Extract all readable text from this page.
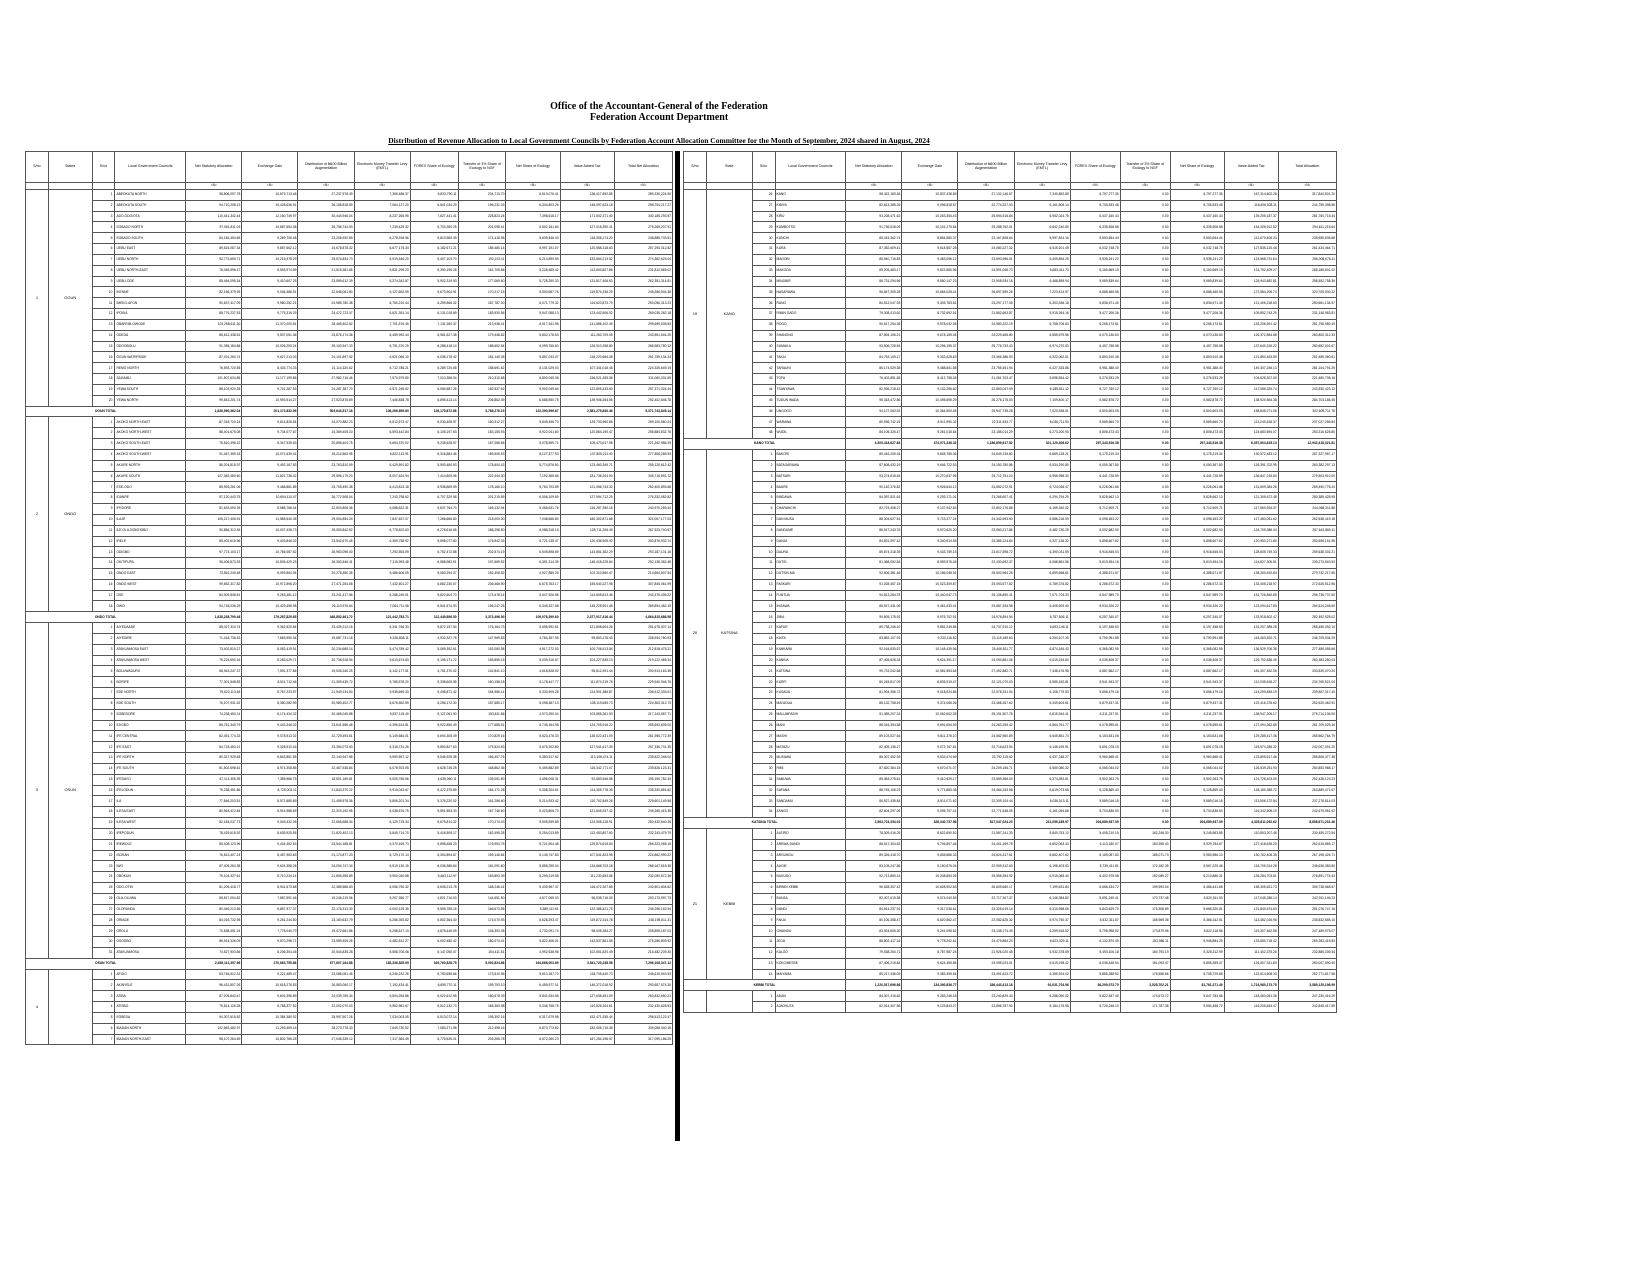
Office of the Accountant-General of the Federation
Federation Account Department
Distribution of Revenue Allocation to Local Government Councils by Federation Account Allocation Committee for the Month of September, 2024 shared in August, 2024
S/no	States	S/no	Local Government Councils	Net Statutory Allocation	Exchange Gain	Distribution of ₦100 Billion Augmentation	Electronic Money Transfer Levy (EMTL)	FOREX Share of Ecology	Transfer of 3% Share of Ecology to NGF	Net Share of Ecology	Value Added Tax	Total Net Allocation
				=N=	=N=	=N=	=N=	=N=	=N=	=N=	=N=	=N=
1	OGUN	1	ABEOKUTA NORTH	98,806,097.78	10,879,713.46	27,237,978.49	7,369,486.37	6,823,790.11	204,713.70	6,619,076.41	136,417,892.85	289,330,224.90
		2	ABEOKUTA SOUTH	94,710,208.13	10,428,636.91	26,108,818.59	7,064,127.20	6,541,034.29	196,231.03	6,344,803.26	148,097,623.18	298,754,217.27
		3	ADO-ODO/OTA	110,441,342.44	12,160,749.97	30,444,946.04	8,237,265.95	7,627,441.41	228,823.24	7,398,618.17	171,502,371.40	340,185,293.97
		4	EGBADO NORTH	97,061,811.03	10,687,654.38	26,756,744.93	7,239,425.32	6,703,280.25	201,098.41	6,502,181.84	127,018,390.41	275,265,207.91
		5	EGBADO SOUTH	84,184,454.65	9,269,706.48	23,206,932.89	6,278,918.96	5,813,965.39	174,418.96	5,639,546.43	118,306,174.20	246,885,733.61
		6	IJEBU EAST	89,524,087.34	9,857,662.12	24,678,878.32	6,677,175.34	6,182,671.21	185,480.14	5,997,191.07	120,558,318.63	257,293,312.82
		7	IJEBU NORTH	92,773,659.71	10,215,478.29	25,574,834.73	6,919,546.20	6,407,103.70	192,213.11	6,214,890.59	132,664,213.52	274,362,623.04
		8	IJEBU NORTH-EAST	78,048,596.17	8,593,974.69	21,515,381.65	5,821,299.23	5,390,195.28	161,705.86	5,228,489.42	112,604,827.86	231,812,569.02
		9	IJEBU-ODE	85,464,095.34	9,410,607.25	23,559,612.39	6,374,342.87	5,902,319.93	177,069.60	5,725,250.33	131,817,406.63	262,351,314.81
		10	IKENNE	82,156,379.93	9,046,386.51	22,648,061.80	6,127,652.09	5,673,904.91	170,217.15	5,503,687.76	119,874,336.29	245,356,504.38
		11	IMEKO-AFON	90,637,417.09	9,980,252.21	24,985,780.38	6,760,210.44	6,259,566.32	187,787.00	6,071,779.32	114,620,873.79	253,056,313.23
		12	IPOKIA	88,776,237.53	9,775,316.29	24,472,723.07	6,621,391.14	6,131,018.69	183,930.56	5,947,088.13	123,442,506.02	259,035,262.18
		13	OBAFEMI-OWODE	103,258,611.30	11,370,000.81	28,465,402.82	7,701,576.45	7,131,280.37	213,938.41	6,917,341.96	141,886,102.49	299,599,035.83
		14	ODEDA	86,612,438.51	9,537,051.36	23,876,174.36	6,459,992.44	5,981,627.35	179,448.82	5,802,178.53	111,263,709.05	243,551,544.25
		15	ODOGBOLU	91,055,184.86	10,026,253.24	25,100,947.33	6,791,370.29	6,288,418.14	188,652.54	6,099,765.60	126,910,258.80	265,983,780.12
		16	OGUN WATERSIDE	87,431,260.74	9,627,213.03	24,101,897.92	6,521,065.10	6,038,178.42	181,145.35	5,857,033.07	118,220,664.38	251,759,134.24
		17	REMO NORTH	76,593,720.55	8,433,774.33	21,114,320.62	5,712,786.21	5,289,720.65	158,691.62	5,131,029.03	107,341,018.45	224,326,649.19
		18	SAGAMU	101,507,634.85	11,177,199.86	27,982,716.46	7,570,979.80	7,010,356.04	210,310.68	6,800,045.36	156,021,455.36	311,060,031.69
		19	YEWA SOUTH	88,103,920.35	9,701,287.53	24,287,387.70	6,571,245.62	6,084,587.26	182,537.62	5,902,049.64	122,805,433.60	257,371,324.44
		20	YEWA NORTH	99,843,201.74	10,993,914.27	27,523,876.69	7,446,838.78	6,895,413.14	206,862.39	6,688,550.75	139,906,264.55	292,402,646.78
OGUN TOTAL				1,826,990,362.04	201,172,832.99	503,643,517.18	136,266,695.80	126,175,872.86	3,785,276.19	122,390,596.67	2,581,279,840.46	5,371,743,845.14
2	ONDO	1	AKOKO NORTH-EAST	87,318,720.14	9,614,826.84	24,070,882.23	6,512,673.47	6,030,408.97	180,912.27	5,849,496.70	125,733,960.86	259,100,560.24
		2	AKOKO NORTH-WEST	88,401,675.08	9,734,077.67	24,369,405.10	6,593,442.84	6,105,197.53	183,155.93	5,922,041.60	120,864,190.47	255,884,832.76
		3	AKOKO SOUTH-EAST	75,810,498.22	8,347,535.63	20,898,404.75	5,654,370.02	5,235,628.57	157,068.86	5,078,559.71	105,473,617.96	221,262,986.29
		4	AKOKO SOUTH-WEST	91,467,359.33	10,071,639.41	25,214,563.95	6,822,113.91	6,316,884.46	189,506.53	6,127,377.93	137,805,211.40	277,508,265.93
		5	AKURE NORTH	86,204,815.97	9,492,167.83	23,763,810.59	6,429,591.82	5,953,480.93	178,604.43	5,774,876.50	123,460,349.71	255,125,612.42
		6	AKURE SOUTH	107,362,480.60	11,821,736.42	29,596,179.20	8,007,624.94	7,414,809.96	222,444.30	7,192,365.66	181,736,204.90	345,716,591.72
		7	ESE-ODO	85,993,261.06	9,468,881.85	23,705,490.38	6,413,813.18	5,938,869.99	178,166.10	5,760,703.89	121,058,743.32	252,400,893.68
		8	IDANRE	97,120,443.75	10,694,110.47	26,772,908.04	7,243,798.62	6,707,329.58	201,219.89	6,506,109.69	127,994,712.25	276,332,082.82
		9	IFEDORE	81,633,090.39	8,988,766.44	22,503,808.36	6,088,622.31	5,637,764.70	169,132.94	5,468,631.76	116,287,350.18	240,970,269.44
		10	ILAJE	105,217,406.91	11,585,540.35	29,004,854.24	7,847,637.07	7,266,666.80	218,000.00	7,048,666.80	160,302,871.66	321,007,177.03
		11	ILE-OLUJI/OKEIGBO	90,884,312.45	10,007,438.73	25,053,842.52	6,778,622.63	6,276,616.65	188,298.50	6,088,318.15	128,711,206.49	267,523,740.97
		12	IRELE	85,402,615.96	9,403,846.02	23,542,670.45	6,369,758.92	5,898,077.80	176,942.33	5,721,135.47	120,436,905.92	250,876,932.74
		13	ODIGBO	97,774,103.17	10,766,087.52	26,953,096.40	7,292,553.09	6,752,472.88	202,574.19	6,549,898.69	143,851,362.29	293,187,101.16
		14	OKITIPUPA	95,406,873.33	10,505,429.23	26,300,546.41	7,115,993.48	6,588,983.91	197,669.52	6,391,314.39	146,418,225.64	292,138,382.48
		15	ONDO EAST	73,561,240.48	8,099,864.94	20,278,350.35	5,486,606.05	5,080,294.07	152,408.82	4,927,885.25	102,310,560.47	214,664,507.54
		16	ONDO WEST	99,652,317.82	10,972,896.20	27,471,254.55	7,432,601.27	6,882,230.07	206,466.90	6,675,763.17	155,640,227.98	307,845,061.99
		17	OSE	84,309,548.51	9,283,481.12	23,241,417.56	6,288,249.01	5,822,604.70	174,678.14	5,647,926.56	114,605,813.46	243,376,436.22
		18	OWO	94,718,036.29	10,429,498.98	26,110,976.64	7,064,711.08	6,541,574.93	196,247.25	6,345,327.68	145,225,901.48	289,894,452.15
ONDO TOTAL				1,628,238,799.46	179,287,825.65	448,852,461.72	121,442,783.71	112,449,896.50	3,373,496.90	109,076,399.60	2,377,917,416.44	4,864,815,686.58
3	OSUN	1	AIYEDAADE	85,027,310.74	9,362,520.84	23,439,212.16	6,341,766.33	5,872,157.54	176,164.73	5,695,992.81	121,808,604.26	251,675,407.14
		2	AIYEDIRE	71,418,736.52	7,863,950.34	19,687,731.18	5,326,808.11	4,932,327.78	147,969.83	4,784,357.95	99,853,176.43	208,934,760.53
		3	ATAKUNMOSA EAST	73,402,815.27	8,082,419.51	20,234,665.14	5,474,789.42	5,069,352.61	152,080.58	4,917,272.03	100,706,513.84	212,818,475.21
		4	ATAKUNMOSA WEST	75,224,690.16	8,283,029.71	20,736,918.94	5,610,674.83	5,195,171.72	155,855.15	5,039,316.57	104,227,835.13	219,122,465.34
		5	BOLUWADURO	68,943,247.37	7,591,377.86	19,005,340.25	5,142,177.51	4,761,370.02	142,841.10	4,618,528.92	95,612,491.44	200,913,163.35
		6	BORIPE	77,301,548.83	8,511,712.46	21,309,439.72	5,765,578.20	5,338,605.95	160,158.18	5,178,447.77	111,874,219.78	229,940,946.76
		7	EDE NORTH	79,622,113.46	8,767,233.57	21,949,134.50	5,938,659.33	5,498,871.42	164,966.14	5,333,905.28	114,901,386.87	236,512,333.01
		8	EDE SOUTH	76,107,931.52	8,380,282.99	20,980,402.77	5,676,552.59	5,256,172.30	157,685.17	5,098,487.13	108,119,655.73	224,363,312.73
		9	EGBEDORE	74,238,450.14	8,174,434.32	20,465,045.88	5,537,115.40	5,127,061.90	153,811.86	4,973,250.04	103,855,261.93	217,243,557.71
		10	EJIGBO	85,761,340.79	9,443,346.02	23,641,556.48	6,396,514.51	5,922,850.49	177,685.51	5,745,164.98	124,705,916.22	255,693,839.00
		11	IFE CENTRAL	82,451,774.33	9,078,913.02	22,729,493.61	6,149,684.01	5,694,305.49	170,829.16	5,523,476.33	136,022,431.09	261,955,772.39
		12	IFE EAST	84,718,463.21	9,328,513.16	23,354,073.53	6,318,731.26	5,850,827.63	175,524.83	5,675,302.80	127,941,617.39	257,336,701.35
		13	IFE NORTH	80,317,925.48	8,843,851.55	22,140,947.58	5,990,557.12	5,546,925.38	166,407.76	5,380,517.62	113,108,474.11	235,822,348.04
		14	IFE SOUTH	81,502,698.61	8,974,308.85	22,467,538.84	6,078,923.05	5,628,745.25	168,862.36	5,459,882.89	115,342,771.07	239,826,123.31
		15	IFEDAYO	67,114,305.39	7,389,986.75	18,501,169.81	5,005,765.56	4,635,060.11	139,051.80	4,496,008.31	92,683,546.58	195,190,782.40
		16	IFELODUN	79,238,451.86	8,725,003.11	21,843,370.22	5,910,043.67	5,472,375.89	164,171.28	5,308,204.61	114,305,778.35	235,330,851.82
		17	ILA	77,846,203.51	8,571,685.69	21,459,576.36	5,806,201.34	5,376,220.02	161,286.60	5,214,933.42	110,702,549.26	229,601,149.58
		18	ILESA EAST	80,963,412.84	8,914,988.69	22,319,192.95	6,038,676.75	5,591,553.33	167,746.60	5,423,806.73	121,605,337.42	245,265,415.38
		19	ILESA WEST	82,184,037.73	9,049,432.05	22,655,688.34	6,129,715.34	5,675,814.32	170,274.43	5,505,539.89	124,908,126.91	250,432,540.26
		20	IREPODUN	78,429,615.92	8,635,925.55	21,620,402.13	5,849,714.70	5,416,509.17	162,495.28	5,254,013.89	112,453,807.60	232,243,479.79
		21	IREWOLE	85,408,123.96	9,404,452.63	23,544,188.81	6,370,169.73	5,898,458.23	176,953.75	5,721,504.48	125,874,615.54	256,323,055.15
		22	ISOKAN	76,813,407.24	8,457,963.83	21,174,877.23	5,729,170.14	5,304,894.67	159,146.84	5,145,747.83	107,541,823.95	224,862,990.22
		23	IWO	87,405,284.38	9,624,358.26	24,094,747.34	6,519,130.15	6,036,386.64	181,091.60	5,855,295.04	134,668,703.18	268,167,518.35
		24	OBOKUN	79,104,327.61	8,710,234.14	21,806,396.89	5,900,040.58	5,463,112.97	163,893.39	5,299,219.58	111,230,653.56	232,050,872.36
		25	ODO-OTIN	81,205,418.77	8,941,573.68	22,385,586.63	6,056,750.32	5,608,213.78	168,246.41	5,439,967.37	116,472,307.85	240,501,604.62
		26	OLA-OLUWA	69,817,054.82	7,687,591.46	19,246,219.56	5,207,350.77	4,821,716.53	144,651.50	4,677,065.03	96,538,716.09	203,173,997.73
		27	OLORUNDA	80,446,213.56	8,857,977.37	22,176,313.30	6,000,125.35	5,555,785.16	166,673.55	5,389,111.61	122,386,421.75	245,256,162.94
		28	ORIADE	84,016,732.95	9,251,244.50	23,160,632.79	6,266,392.82	5,802,364.40	174,070.93	5,628,293.47	119,872,314.78	248,195,611.31
		29	OROLU	70,638,491.24	7,778,040.79	19,472,661.86	5,268,617.13	4,878,445.09	146,353.35	4,732,091.74	98,005,284.27	205,895,187.03
		30	OSOGBO	86,914,326.09	9,570,298.71	23,959,405.26	6,482,512.27	6,002,480.42	180,074.41	5,822,406.01	142,537,861.58	275,286,809.92
		31	ATAKUNMOSA	74,527,903.66	8,206,304.45	20,544,835.28	5,558,706.46	5,147,050.47	154,411.51	4,992,638.96	102,651,820.49	216,482,209.30
OSUN TOTAL				2,458,112,357.96	270,663,755.86	677,607,164.88	183,336,825.95	169,760,828.75	5,092,824.86	164,668,003.89	3,541,720,238.58	7,296,108,347.12
4		1	AFIJIO	83,746,512.31	9,221,489.47	23,086,081.46	6,246,232.26	5,783,698.66	173,510.96	5,610,187.70	118,705,440.73	246,615,943.93
		2	AKINYELE	96,431,807.26	10,618,276.53	26,583,060.17	7,192,434.41	6,659,770.11	199,793.10	6,459,977.01	146,372,018.92	293,657,574.30
		3	ATIBA	87,205,843.47	9,602,396.89	24,039,769.34	6,504,254.86	6,022,612.95	180,678.39	5,841,934.56	127,638,451.09	260,832,650.21
		4	ATISBO	79,814,126.35	8,788,377.52	22,002,070.03	5,952,981.67	5,512,132.73	165,363.98	5,346,768.75	110,526,304.61	232,430,628.93
		5	EGBEDA	94,307,615.82	10,384,380.92	25,997,507.26	7,034,003.05	6,513,072.14	195,392.16	6,317,679.98	152,471,935.44	296,513,122.47
		6	IBADAN NORTH	102,563,482.97	11,293,459.16	28,273,778.33	7,649,730.52	7,083,271.98	212,498.16	6,870,773.82	182,406,715.38	339,058,040.18
		7	IBADAN NORTH-EAST	98,107,264.59	10,802,765.25	27,045,335.12	7,317,364.49	6,775,526.01	203,265.78	6,572,260.23	167,254,196.57	317,099,186.25
S/no	State	S/no	Local Government Councils	Net Statutory Allocation	Exchange Gain	Distribution of ₦100 Billion Augmentation	Electronic Money Transfer Levy (EMTL)	FOREX Share of Ecology	Transfer of 3% Share of Ecology to NGF	Net Share of Ecology	Value Added Tax	Total Allocation
				=N=	=N=	=N=	=N=	=N=	=N=	=N=	=N=	=N=
19	KANO	26	KANO	98,422,183.48	10,837,438.69	27,132,146.57	7,340,852.85	6,797,277.35	0.00	6,797,277.35	167,314,602.26	317,844,501.20
		27	KIBIYA	82,614,385.25	9,096,818.57	22,774,327.03	6,161,806.14	5,705,533.46	0.00	5,705,533.46	118,406,528.11	244,759,398.56
		28	KIRU	93,208,471.62	10,263,354.43	25,694,516.84	6,952,024.75	6,437,160.43	0.00	6,437,160.43	139,205,187.37	281,760,715.44
		29	KUMBOTSO	91,736,518.09	10,101,275.64	25,288,762.01	6,842,240.80	6,335,506.58	0.00	6,335,506.58	154,306,912.52	294,611,215.64
		30	KUNCHI	80,415,362.74	8,854,580.37	22,167,808.64	5,997,824.16	5,553,654.44	0.00	5,553,654.44	112,670,405.33	235,659,635.68
		31	KURA	87,352,609.41	9,618,557.28	24,080,227.32	6,515,201.49	6,032,748.75	0.00	6,032,748.75	127,835,120.46	261,434,464.71
		32	MADOBI	85,940,716.83	9,463,096.12	23,690,996.01	6,409,894.29	5,935,241.22	0.00	5,935,241.22	124,568,731.64	256,008,676.11
		33	MAKODA	89,205,483.17	9,822,580.96	24,591,046.73	6,653,411.70	6,160,669.19	0.00	6,160,669.19	131,752,409.27	268,185,601.02
		34	MINJIBIR	86,731,294.56	9,550,147.23	23,908,934.18	6,468,859.94	5,989,839.64	0.00	5,989,839.64	125,943,682.81	258,592,758.36
		35	NASARAWA	96,847,305.28	10,664,028.41	26,697,599.26	7,223,424.97	6,688,465.56	0.00	6,688,465.56	172,584,206.74	320,705,030.22
		36	RANO	84,512,047.93	9,305,783.81	23,297,177.05	6,303,336.18	5,836,571.40	0.00	5,836,571.40	121,406,218.60	250,661,134.97
		37	RIMIN GADO	79,308,413.62	8,732,692.51	21,862,663.87	5,915,264.16	5,477,206.36	0.00	5,477,206.36	109,852,743.29	231,148,983.81
		38	ROGO	90,617,254.36	9,978,032.08	24,980,222.19	6,758,706.63	6,258,173.81	0.00	6,258,173.81	133,206,591.42	281,798,980.49
		39	SHANONO	87,894,106.21	9,678,169.45	24,229,465.80	6,555,579.56	6,070,136.63	0.00	6,070,136.63	126,372,854.68	260,800,312.33
		40	SUMAILA	93,506,728.54	10,296,195.37	25,776,733.43	6,974,270.53	6,457,758.58	0.00	6,457,758.58	137,640,315.22	280,652,001.67
		41	TAKAI	84,763,109.17	9,333,428.63	23,366,386.93	6,322,062.01	5,853,910.48	0.00	5,853,910.48	121,850,463.59	251,489,360.81
		42	TARAUNI	86,174,529.38	9,488,841.58	23,755,451.94	6,427,333.86	5,951,388.40	0.00	5,951,388.40	149,307,246.13	281,104,791.29
		43	TOFA	76,402,851.65	8,412,758.28	21,061,703.47	5,698,554.42	5,276,533.29	0.00	5,276,533.29	104,628,307.05	221,480,708.16
		44	TSANYAWA	82,936,218.43	9,132,256.62	22,863,047.09	6,185,811.12	5,727,760.12	0.00	5,727,760.12	117,085,329.74	243,930,423.12
		45	TUDUN WADA	95,318,472.86	10,495,695.29	26,276,175.03	7,109,400.17	6,582,878.72	0.00	6,582,878.72	138,920,564.38	284,703,186.45
		46	UNGOGO	94,127,063.92	10,364,500.46	25,947,735.28	7,020,538.01	6,500,603.05	0.00	6,500,603.05	158,645,271.06	302,605,711.78
		47	WARAWA	80,936,742.15	8,911,990.32	22,311,533.77	6,036,711.53	5,589,660.70	0.00	5,589,660.70	113,240,618.37	237,027,256.84
		48	WUDIL	84,105,326.47	9,261,016.64	23,185,014.29	6,273,200.90	5,808,473.43	0.00	5,808,473.43	124,683,594.07	253,316,625.80
KANO TOTAL				4,305,418,627.84	474,071,436.32	1,186,859,617.52	321,120,308.62	297,343,516.38	0.00	297,343,516.38	6,357,604,815.13	12,942,418,321.81
20	KATSINA	1	BAKORI	89,416,205.34	9,845,785.36	24,649,135.80	6,669,128.21	6,175,219.34	0.00	6,175,219.34	130,572,483.12	267,327,957.17
		2	BATAGARAWA	87,608,432.19	9,646,722.53	24,150,780.86	6,534,290.80	6,050,367.80	0.00	6,050,367.80	126,391,702.95	260,382,297.13
		3	BATSARI	93,274,618.45	10,270,637.96	25,712,751.10	6,956,958.30	6,441,728.59	0.00	6,441,728.59	136,847,215.60	279,503,910.00
		4	BAURE	90,152,376.82	9,926,844.12	24,852,072.91	6,724,036.47	6,226,061.66	0.00	6,226,061.66	131,609,384.26	269,490,776.24
		5	BINDAWA	84,397,521.63	9,293,171.01	23,265,607.41	6,294,794.29	5,828,662.13	0.00	5,828,662.13	121,305,672.48	250,385,428.95
		6	CHARANCHI	82,715,408.27	9,107,942.63	22,802,176.88	6,169,340.02	5,712,509.71	0.00	5,712,509.71	117,560,934.37	244,068,311.88
		7	DAN MUSA	88,304,627.51	9,723,377.24	24,342,693.50	6,586,216.09	6,098,453.22	0.00	6,098,453.22	127,483,051.62	262,538,419.18
		8	DANDUME	86,917,243.76	9,570,620.20	23,960,217.86	6,482,730.25	6,002,682.00	0.00	6,002,682.00	124,709,386.04	257,642,880.11
		9	DANJA	84,831,097.42	9,340,914.55	23,385,124.84	6,327,135.32	5,858,607.62	0.00	5,858,607.62	120,953,271.80	250,696,151.55
		10	DAURA	85,674,318.39	9,433,759.15	23,617,598.72	6,390,031.59	5,916,845.03	0.00	5,916,845.03	128,605,749.33	259,638,302.21
		11	DUTSI	81,368,052.84	8,959,576.49	22,430,692.37	6,068,861.56	5,619,454.16	0.00	5,619,454.16	114,827,306.51	239,273,943.93
		12	DUTSIN-MA	92,506,381.46	10,186,048.91	25,500,964.26	6,899,658.61	6,388,671.57	0.00	6,388,671.57	138,260,492.84	279,742,217.65
		13	FASKARI	91,028,457.15	10,023,309.87	25,093,577.82	6,789,376.82	6,286,572.33	0.00	6,286,572.33	133,405,218.97	272,626,512.96
		14	FUNTUA	94,813,264.78	10,440,047.73	26,136,890.41	7,071,704.33	6,547,989.70	0.00	6,547,989.70	151,726,840.65	296,736,737.60
		15	INGAWA	85,927,431.06	9,461,633.41	23,687,334.58	6,408,903.40	5,934,326.22	0.00	5,934,326.22	123,094,617.83	254,514,246.50
		16	JIBIA	90,605,178.92	9,976,702.51	24,976,894.94	6,757,806.11	6,257,340.07	0.00	6,257,340.07	133,918,602.47	282,492,525.02
		17	KAFUR	89,738,246.10	9,881,245.86	24,737,910.12	6,693,146.11	6,197,458.63	0.00	6,197,458.63	131,207,385.28	268,455,392.10
		18	KAITA	83,852,107.93	9,233,116.82	23,115,189.63	6,254,107.35	5,790,991.85	0.00	5,790,991.85	118,463,520.71	246,709,034.29
		19	KANKARA	92,164,830.57	10,148,439.56	25,406,811.77	6,874,184.43	6,365,082.95	0.00	6,365,082.95	136,529,706.38	277,489,055.66
		20	KANKIA	87,405,628.34	9,624,391.17	24,094,861.06	6,519,154.60	6,036,408.37	0.00	6,036,408.37	126,702,836.49	260,383,280.03
		21	KATSINA	99,731,042.68	10,981,553.64	27,492,882.71	7,438,476.98	6,887,662.17	0.00	6,887,662.17	181,307,452.06	333,839,070.24
		22	KURFI	80,245,817.09	8,835,919.47	22,121,070.03	5,985,152.81	5,541,943.37	0.00	5,541,943.37	112,035,618.27	234,765,521.04
		23	KUSADA	81,904,356.72	9,018,524.86	22,578,331.94	6,108,779.53	5,656,479.16	0.00	5,656,479.16	114,290,845.19	239,557,317.40
		24	MAI'ADUA	85,132,708.49	9,374,066.26	23,468,267.62	6,349,604.61	5,879,437.31	0.00	5,879,437.31	122,416,378.62	252,620,462.91
		25	MALUMFASHI	91,385,207.31	10,062,602.39	25,191,907.78	6,815,944.41	6,311,237.91	0.00	6,311,237.91	138,947,206.17	278,714,106.00
		26	MANI	88,016,394.58	9,691,654.93	24,263,259.42	6,564,761.77	6,078,595.61	0.00	6,078,595.61	127,094,362.85	261,709,029.16
		27	MASHI	89,103,527.64	9,811,376.10	24,562,960.89	6,645,851.74	6,153,631.06	0.00	6,153,631.06	129,285,417.36	265,562,764.79
		28	MATAZU	82,405,136.27	9,073,767.61	22,716,623.94	6,146,199.91	5,691,078.15	0.00	5,691,078.15	115,974,285.32	242,007,091.20
		29	MUSAWA	86,307,452.93	9,503,474.69	23,792,115.62	6,437,248.27	5,960,568.41	0.00	5,960,568.41	123,805,617.46	255,806,477.38
		30	RIMI	87,820,364.15	9,670,071.07	24,209,156.71	6,550,080.32	6,065,044.02	0.00	6,065,044.02	126,539,251.90	260,853,968.17
		31	SABUWA	85,463,278.61	9,410,529.17	23,559,366.04	6,374,282.61	5,902,263.75	0.00	5,902,263.75	121,728,403.05	252,438,123.23
		32	SAFANA	88,745,106.23	9,771,883.08	24,464,153.56	6,619,073.65	6,128,869.43	0.00	6,128,869.43	128,160,385.72	263,889,471.67
		33	SANDAMU	80,927,435.84	8,911,071.62	22,309,104.44	6,036,013.11	5,589,016.18	0.00	5,589,016.18	113,506,172.84	237,278,814.03
		34	ZANGO	82,604,297.06	9,095,707.41	22,771,548.05	6,161,054.68	5,704,836.53	0.00	5,704,836.53	116,342,508.19	242,679,951.92
KATSINA TOTAL				2,963,723,254.03	326,340,737.56	817,047,024.23	221,059,185.97	204,689,937.05	0.00	204,689,937.05	4,325,811,092.62	8,858,671,231.46
21	KEBBI	1	ALEIRO	78,309,416.25	8,622,690.52	21,587,241.33	5,840,753.13	5,408,210.15	162,246.30	5,245,963.85	110,853,207.46	230,459,272.54
		2	AREWA-DANDI	88,517,304.63	9,746,807.46	24,401,269.78	6,602,063.43	6,113,180.07	183,395.40	5,929,784.67	127,418,635.20	262,615,865.17
		3	ARGUNGU	89,326,418.70	9,835,886.33	24,624,317.61	6,662,407.62	6,169,057.83	185,071.73	5,983,986.10	130,762,408.35	267,195,424.71
		4	AUGIE	83,105,247.86	9,150,876.04	22,909,312.63	6,198,403.53	5,739,411.81	172,182.35	5,567,229.46	118,705,314.28	245,636,383.80
		5	BAGUDO	92,713,850.14	10,208,894.05	25,558,354.92	6,915,085.40	6,402,975.58	192,089.27	6,210,886.31	135,284,703.61	276,891,774.43
		6	BIRNIN KEBBI	96,528,307.42	10,628,902.83	26,609,660.17	7,199,631.84	6,666,434.72	199,993.04	6,466,441.68	158,305,621.73	305,738,565.67
		7	BUNZA	82,407,615.38	9,074,040.59	22,717,307.37	6,146,384.82	5,691,249.41	170,737.48	5,520,511.93	117,045,286.14	242,911,146.23
		8	DANDI	84,614,237.91	9,317,036.61	23,325,619.14	6,310,958.06	5,843,629.70	175,308.89	5,668,320.81	121,840,574.63	251,076,747.16
		9	FAKAI	80,106,358.47	8,820,562.47	22,082,625.32	5,974,750.37	5,532,311.87	165,969.36	5,366,342.51	113,482,015.96	235,832,655.10
		10	GWANDU	83,924,605.30	9,241,098.62	23,135,174.49	6,259,515.52	5,795,998.52	173,879.96	5,622,118.56	119,307,462.58	247,489,975.07
		11	JEGA	88,802,417.16	9,778,202.61	24,479,864.24	6,623,329.11	6,132,870.40	183,986.11	5,948,884.29	133,650,718.42	269,283,415.83
		12	KALGO	79,538,264.71	8,757,987.24	21,926,020.45	5,932,378.69	5,493,106.18	164,793.19	5,328,312.99	111,402,375.26	232,885,339.34
		13	KOKO/BESSE	87,406,215.84	9,624,455.86	24,095,023.01	6,519,198.42	6,036,448.94	181,093.47	5,855,355.47	126,507,341.80	260,007,590.40
		14	MAIYAMA	85,217,436.09	9,383,395.54	23,491,623.72	6,355,924.02	5,885,288.52	176,558.66	5,708,729.86	122,614,508.33	252,771,617.56
KEBBI TOTAL				1,220,517,696.86	134,390,836.77	336,443,413.18	91,031,704.96	84,290,073.70	2,528,702.21	81,761,371.49	1,724,980,173.75	3,589,125,196.99
		1	ADAVI	84,307,415.62	9,283,246.18	23,240,829.43	6,288,090.02	5,822,457.40	174,673.72	5,647,783.68	118,463,051.36	247,230,416.29
		2	AJAOKUTA	82,914,307.58	9,129,843.27	22,856,787.90	6,184,176.95	5,726,246.10	171,787.38	5,554,458.72	116,205,843.47	242,845,417.89
